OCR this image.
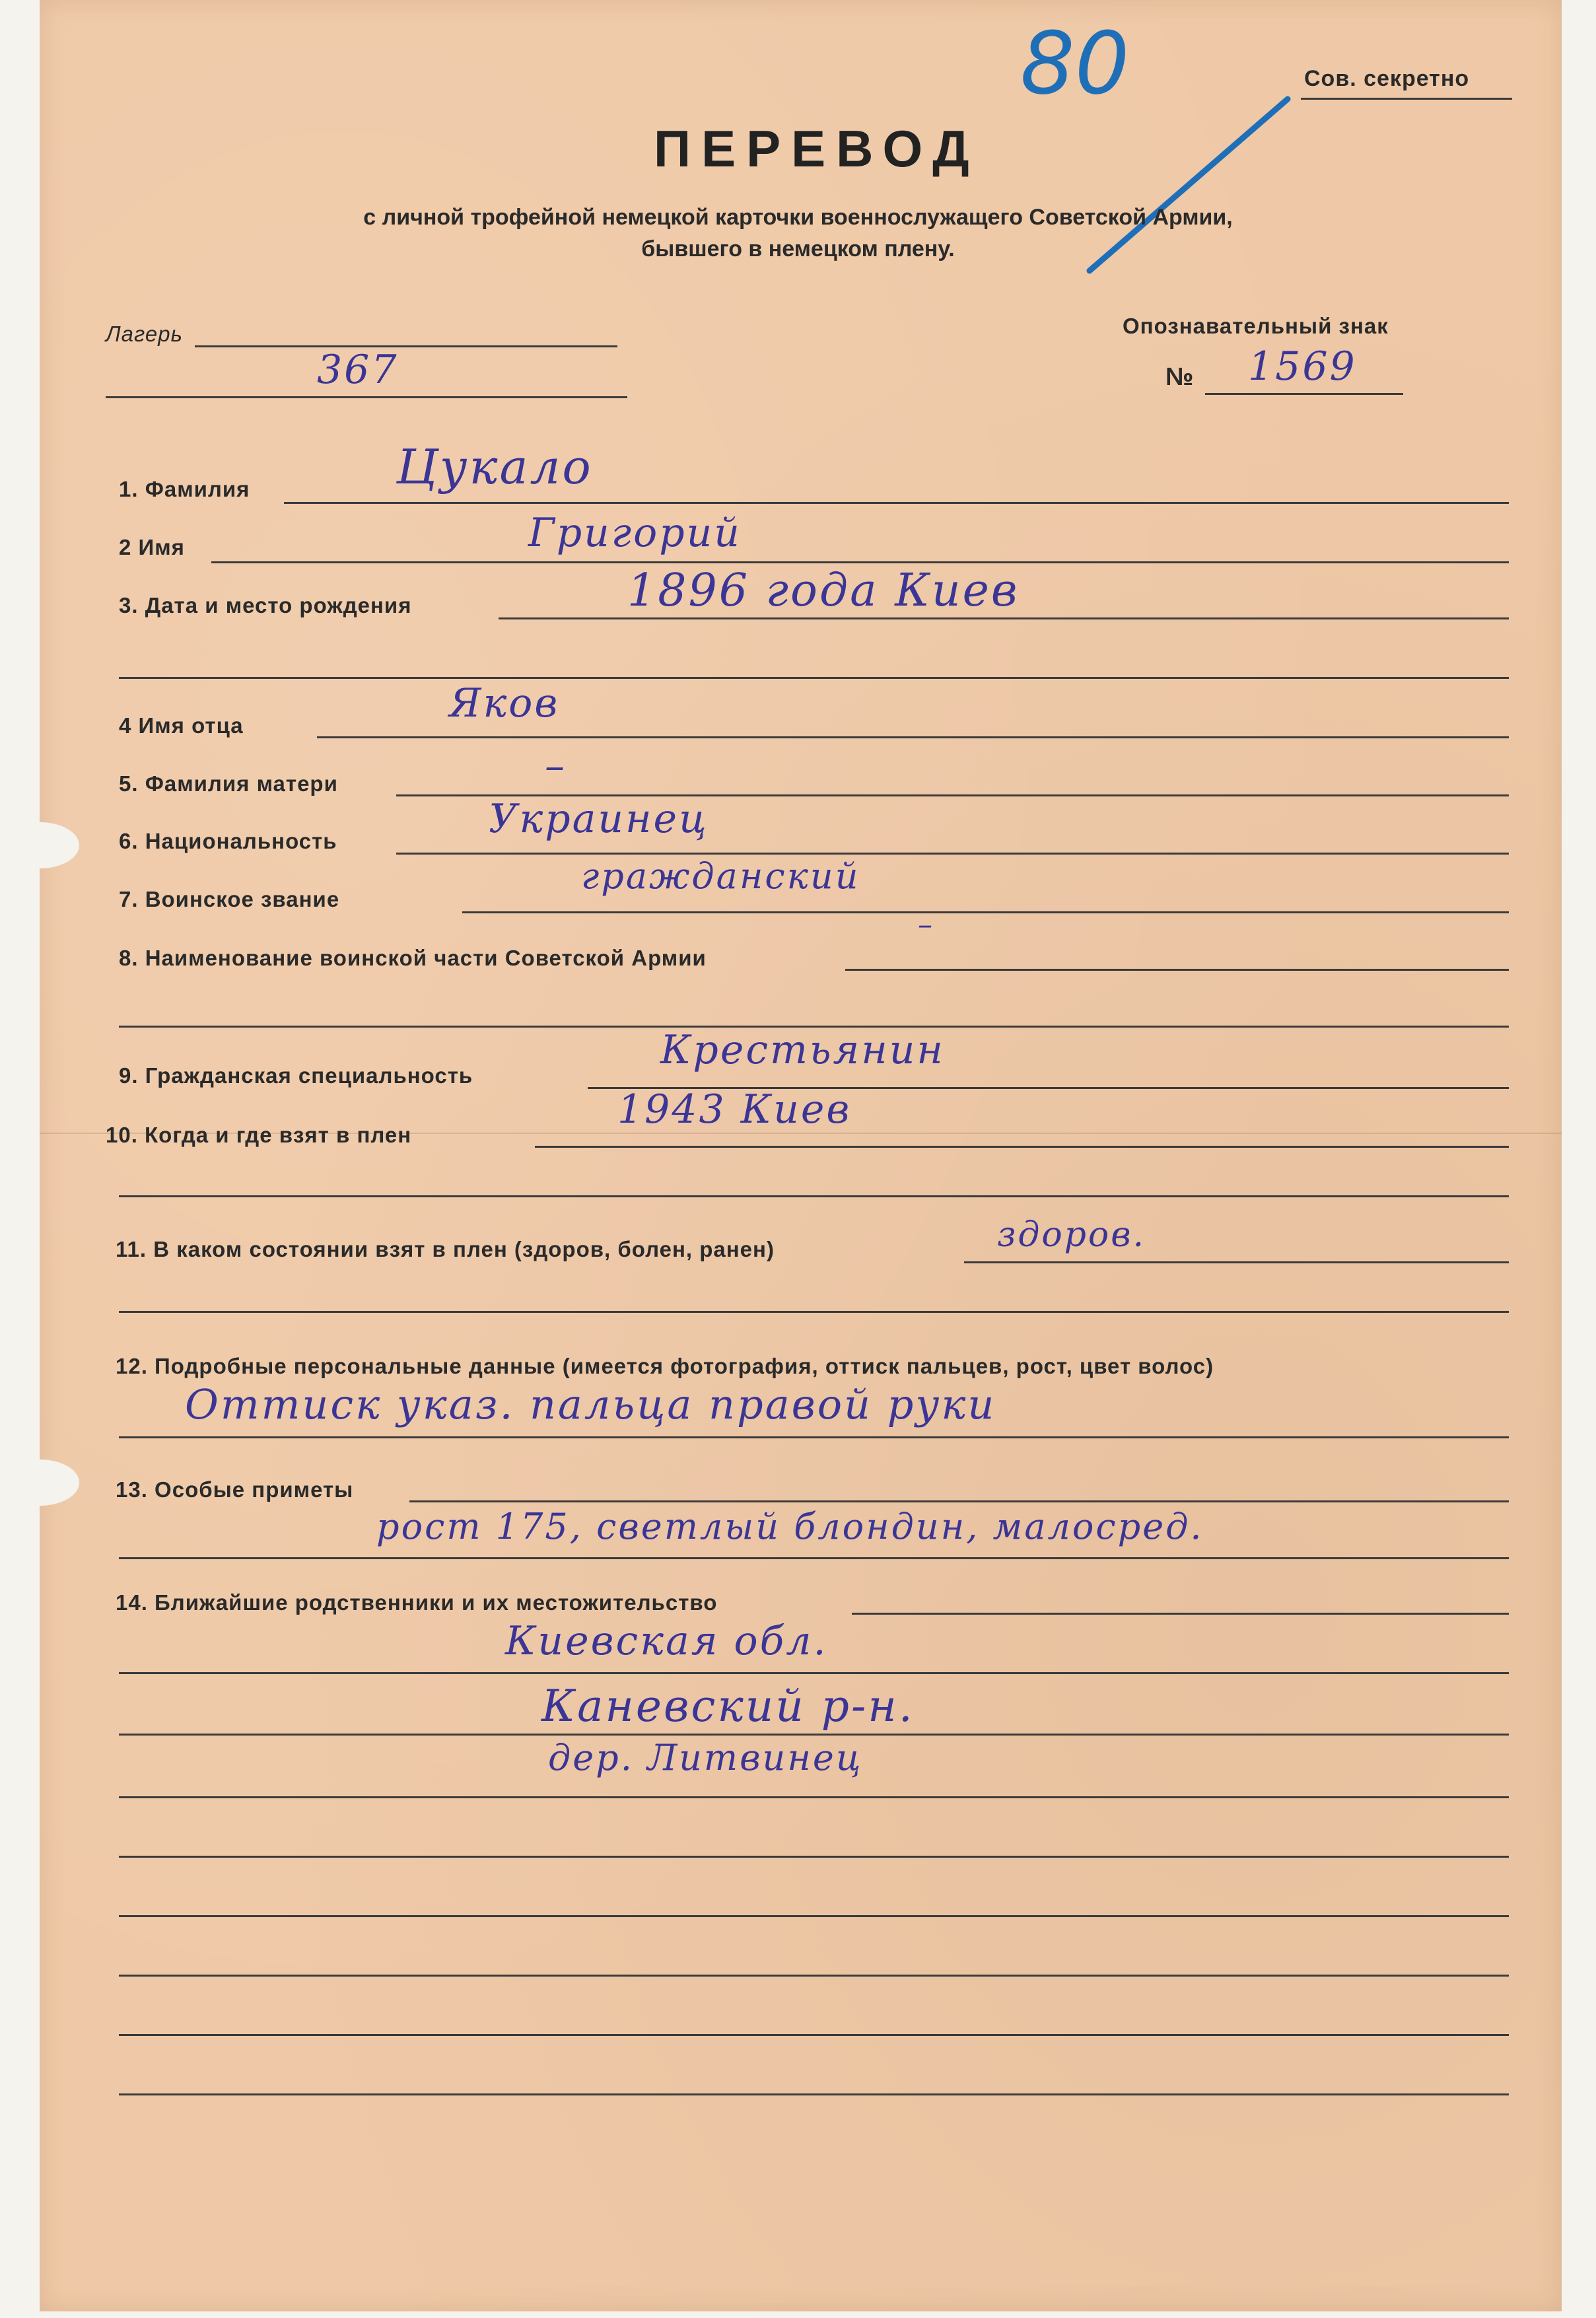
Сов. секретно
80
ПЕРЕВОД
с личной трофейной немецкой карточки военнослужащего Советской Армии,
бывшего в немецком плену.
Лагерь
367
Опознавательный знак
№ 1569
1. Фамилия	Цукало
2 Имя	Григорий
3. Дата и место рождения	1896 года Киев
4 Имя отца	Яков
5. Фамилия матери	–
6. Национальность	Украинец
7. Воинское звание
гражданский
8. Наименование воинской части Советской Армии
–
9. Гражданская специальность
Крестьянин
10. Когда и где взят в плен
1943 Киев
11. В каком состоянии взят в плен (здоров, болен, ранен)	здоров.
12. Подробные персональные данные (имеется фотография, оттиск пальцев, рост, цвет волос)
Оттиск указ. пальца правой руки
13. Особые приметы
рост 175, светлый блондин, малосред.
14. Ближайшие родственники и их местожительство
Киевская обл.
Каневский р-н.
дер. Литвинец
